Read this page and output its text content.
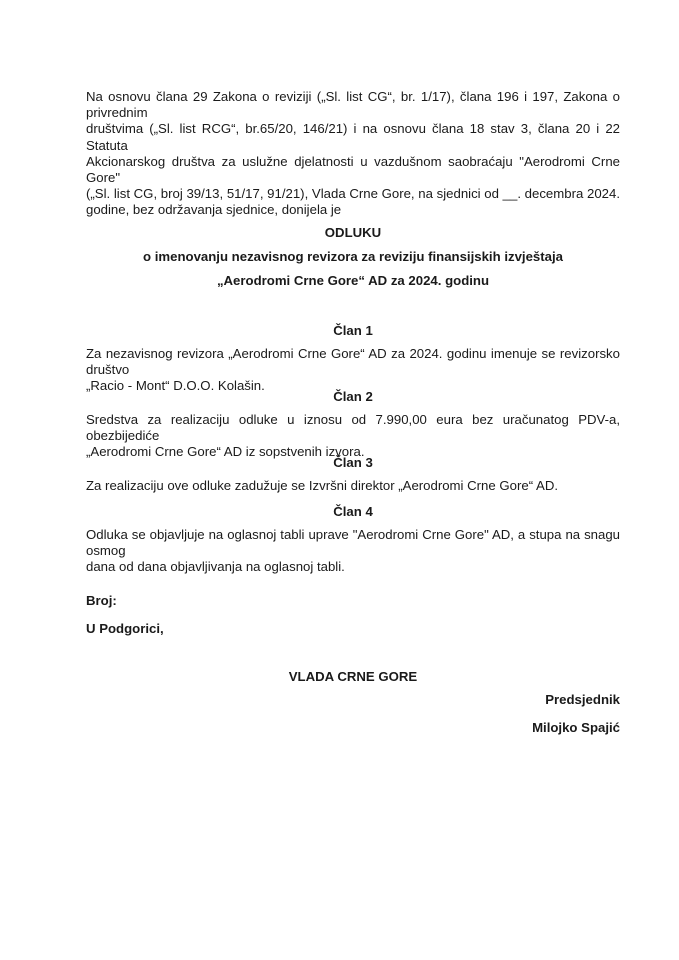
Na osnovu člana 29 Zakona o reviziji („Sl. list CG“, br. 1/17), člana 196 i 197, Zakona o privrednim
društvima („Sl. list RCG“, br.65/20, 146/21) i na osnovu člana 18 stav 3, člana 20 i 22 Statuta
Akcionarskog društva za uslužne djelatnosti u vazdušnom saobraćaju "Aerodromi Crne Gore"
(„Sl. list CG, broj 39/13, 51/17, 91/21), Vlada Crne Gore, na sjednici od __. decembra 2024.
godine, bez održavanja sjednice, donijela je
ODLUKU
o imenovanju nezavisnog revizora za reviziju finansijskih izvještaja
„Aerodromi Crne Gore“ AD za 2024. godinu
Član 1
Za nezavisnog revizora „Aerodromi Crne Gore“ AD za 2024. godinu imenuje se revizorsko društvo
„Racio - Mont“ D.O.O. Kolašin.
Član 2
Sredstva za realizaciju odluke u iznosu od 7.990,00 eura bez uračunatog PDV-a, obezbijediće
„Aerodromi Crne Gore“ AD iz sopstvenih izvora.
Član 3
Za realizaciju ove odluke zadužuje se Izvršni direktor „Aerodromi Crne Gore“ AD.
Član 4
Odluka se objavljuje na oglasnoj tabli uprave "Aerodromi Crne Gore" AD, a stupa na snagu osmog
dana od dana objavljivanja na oglasnoj tabli.
Broj:
U Podgorici,
VLADA CRNE GORE
Predsjednik
Milojko Spajić
